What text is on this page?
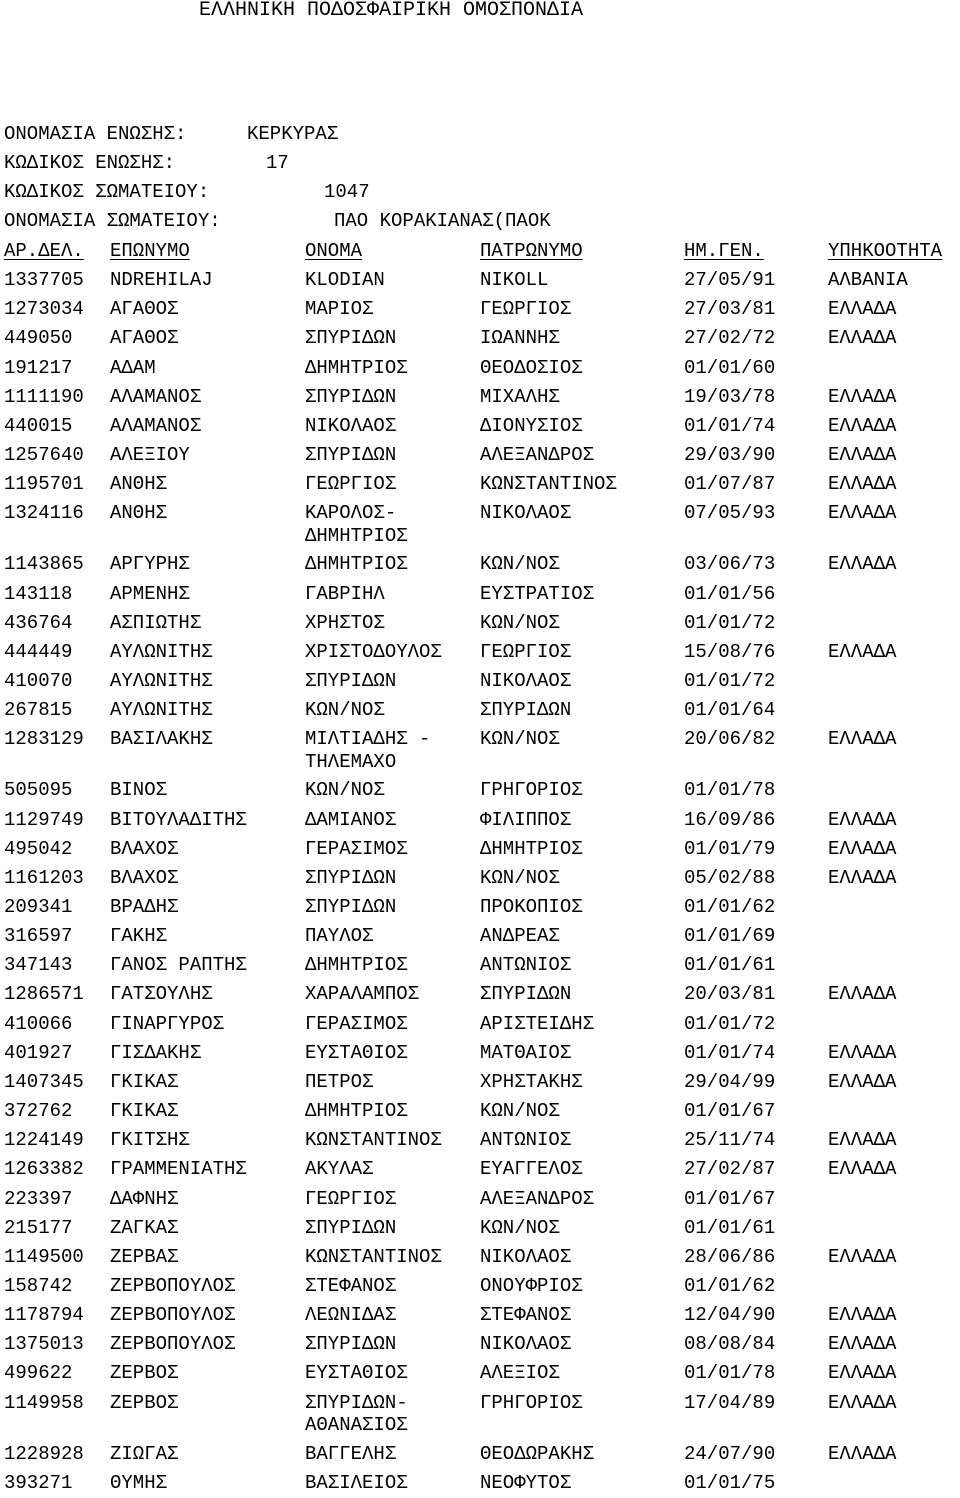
ΕΛΛΗΝΙΚΗ ΠΟΔΟΣΦΑΙΡΙΚΗ ΟΜΟΣΠΟΝΔΙΑ
ΟΝΟΜΑΣΙΑ ΕΝΩΣΗΣ:	ΚΕΡΚΥΡΑΣ
ΚΩΔΙΚΟΣ ΕΝΩΣΗΣ:	17
ΚΩΔΙΚΟΣ ΣΩΜΑΤΕΙΟΥ:	1047
ΟΝΟΜΑΣΙΑ ΣΩΜΑΤΕΙΟΥ:	ΠΑΟ ΚΟΡΑΚΙΑΝΑΣ(ΠΑΟΚ
ΑΡ.ΔΕΛ.	ΕΠΩΝΥΜΟ	ΟΝΟΜΑ	ΠΑΤΡΩΝΥΜΟ	ΗΜ.ΓΕΝ.	ΥΠΗΚΟΟΤΗΤΑ
1337705	NDREHILAJ	KLODIAN	NIKOLL	27/05/91	ΑΛΒΑΝΙΑ
1273034	ΑΓΑΘΟΣ	ΜΑΡΙΟΣ	ΓΕΩΡΓΙΟΣ	27/03/81	ΕΛΛΑΔΑ
449050	ΑΓΑΘΟΣ	ΣΠΥΡΙΔΩΝ	ΙΩΑΝΝΗΣ	27/02/72	ΕΛΛΑΔΑ
191217	ΑΔΑΜ	ΔΗΜΗΤΡΙΟΣ	ΘΕΟΔΟΣΙΟΣ	01/01/60	
1111190	ΑΛΑΜΑΝΟΣ	ΣΠΥΡΙΔΩΝ	ΜΙΧΑΛΗΣ	19/03/78	ΕΛΛΑΔΑ
440015	ΑΛΑΜΑΝΟΣ	ΝΙΚΟΛΑΟΣ	ΔΙΟΝΥΣΙΟΣ	01/01/74	ΕΛΛΑΔΑ
1257640	ΑΛΕΞΙΟΥ	ΣΠΥΡΙΔΩΝ	ΑΛΕΞΑΝΔΡΟΣ	29/03/90	ΕΛΛΑΔΑ
1195701	ΑΝΘΗΣ	ΓΕΩΡΓΙΟΣ	ΚΩΝΣΤΑΝΤΙΝΟΣ	01/07/87	ΕΛΛΑΔΑ
1324116	ΑΝΘΗΣ	ΚΑΡΟΛΟΣ- ΔΗΜΗΤΡΙΟΣ	ΝΙΚΟΛΑΟΣ	07/05/93	ΕΛΛΑΔΑ
1143865	ΑΡΓΥΡΗΣ	ΔΗΜΗΤΡΙΟΣ	ΚΩΝ/ΝΟΣ	03/06/73	ΕΛΛΑΔΑ
143118	ΑΡΜΕΝΗΣ	ΓΑΒΡΙΗΛ	ΕΥΣΤΡΑΤΙΟΣ	01/01/56	
436764	ΑΣΠΙΩΤΗΣ	ΧΡΗΣΤΟΣ	ΚΩΝ/ΝΟΣ	01/01/72	
444449	ΑΥΛΩΝΙΤΗΣ	ΧΡΙΣΤΟΔΟΥΛΟΣ	ΓΕΩΡΓΙΟΣ	15/08/76	ΕΛΛΑΔΑ
410070	ΑΥΛΩΝΙΤΗΣ	ΣΠΥΡΙΔΩΝ	ΝΙΚΟΛΑΟΣ	01/01/72	
267815	ΑΥΛΩΝΙΤΗΣ	ΚΩΝ/ΝΟΣ	ΣΠΥΡΙΔΩΝ	01/01/64	
1283129	ΒΑΣΙΛΑΚΗΣ	ΜΙΛΤΙΑΔΗΣ - ΤΗΛΕΜΑΧΟ	ΚΩΝ/ΝΟΣ	20/06/82	ΕΛΛΑΔΑ
505095	ΒΙΝΟΣ	ΚΩΝ/ΝΟΣ	ΓΡΗΓΟΡΙΟΣ	01/01/78	
1129749	ΒΙΤΟΥΛΑΔΙΤΗΣ	ΔΑΜΙΑΝΟΣ	ΦΙΛΙΠΠΟΣ	16/09/86	ΕΛΛΑΔΑ
495042	ΒΛΑΧΟΣ	ΓΕΡΑΣΙΜΟΣ	ΔΗΜΗΤΡΙΟΣ	01/01/79	ΕΛΛΑΔΑ
1161203	ΒΛΑΧΟΣ	ΣΠΥΡΙΔΩΝ	ΚΩΝ/ΝΟΣ	05/02/88	ΕΛΛΑΔΑ
209341	ΒΡΑΔΗΣ	ΣΠΥΡΙΔΩΝ	ΠΡΟΚΟΠΙΟΣ	01/01/62	
316597	ΓΑΚΗΣ	ΠΑΥΛΟΣ	ΑΝΔΡΕΑΣ	01/01/69	
347143	ΓΑΝΟΣ ΡΑΠΤΗΣ	ΔΗΜΗΤΡΙΟΣ	ΑΝΤΩΝΙΟΣ	01/01/61	
1286571	ΓΑΤΣΟΥΛΗΣ	ΧΑΡΑΛΑΜΠΟΣ	ΣΠΥΡΙΔΩΝ	20/03/81	ΕΛΛΑΔΑ
410066	ΓΙΝΑΡΓΥΡΟΣ	ΓΕΡΑΣΙΜΟΣ	ΑΡΙΣΤΕΙΔΗΣ	01/01/72	
401927	ΓΙΣΔΑΚΗΣ	ΕΥΣΤΑΘΙΟΣ	ΜΑΤΘΑΙΟΣ	01/01/74	ΕΛΛΑΔΑ
1407345	ΓΚΙΚΑΣ	ΠΕΤΡΟΣ	ΧΡΗΣΤΑΚΗΣ	29/04/99	ΕΛΛΑΔΑ
372762	ΓΚΙΚΑΣ	ΔΗΜΗΤΡΙΟΣ	ΚΩΝ/ΝΟΣ	01/01/67	
1224149	ΓΚΙΤΣΗΣ	ΚΩΝΣΤΑΝΤΙΝΟΣ	ΑΝΤΩΝΙΟΣ	25/11/74	ΕΛΛΑΔΑ
1263382	ΓΡΑΜΜΕΝΙΑΤΗΣ	ΑΚΥΛΑΣ	ΕΥΑΓΓΕΛΟΣ	27/02/87	ΕΛΛΑΔΑ
223397	ΔΑΦΝΗΣ	ΓΕΩΡΓΙΟΣ	ΑΛΕΞΑΝΔΡΟΣ	01/01/67	
215177	ΖΑΓΚΑΣ	ΣΠΥΡΙΔΩΝ	ΚΩΝ/ΝΟΣ	01/01/61	
1149500	ΖΕΡΒΑΣ	ΚΩΝΣΤΑΝΤΙΝΟΣ	ΝΙΚΟΛΑΟΣ	28/06/86	ΕΛΛΑΔΑ
158742	ΖΕΡΒΟΠΟΥΛΟΣ	ΣΤΕΦΑΝΟΣ	ΟΝΟΥΦΡΙΟΣ	01/01/62	
1178794	ΖΕΡΒΟΠΟΥΛΟΣ	ΛΕΩΝΙΔΑΣ	ΣΤΕΦΑΝΟΣ	12/04/90	ΕΛΛΑΔΑ
1375013	ΖΕΡΒΟΠΟΥΛΟΣ	ΣΠΥΡΙΔΩΝ	ΝΙΚΟΛΑΟΣ	08/08/84	ΕΛΛΑΔΑ
499622	ΖΕΡΒΟΣ	ΕΥΣΤΑΘΙΟΣ	ΑΛΕΞΙΟΣ	01/01/78	ΕΛΛΑΔΑ
1149958	ΖΕΡΒΟΣ	ΣΠΥΡΙΔΩΝ- ΑΘΑΝΑΣΙΟΣ	ΓΡΗΓΟΡΙΟΣ	17/04/89	ΕΛΛΑΔΑ
1228928	ΖΙΩΓΑΣ	ΒΑΓΓΕΛΗΣ	ΘΕΟΔΩΡΑΚΗΣ	24/07/90	ΕΛΛΑΔΑ
393271	ΘΥΜΗΣ	ΒΑΣΙΛΕΙΟΣ	ΝΕΟΦΥΤΟΣ	01/01/75	
